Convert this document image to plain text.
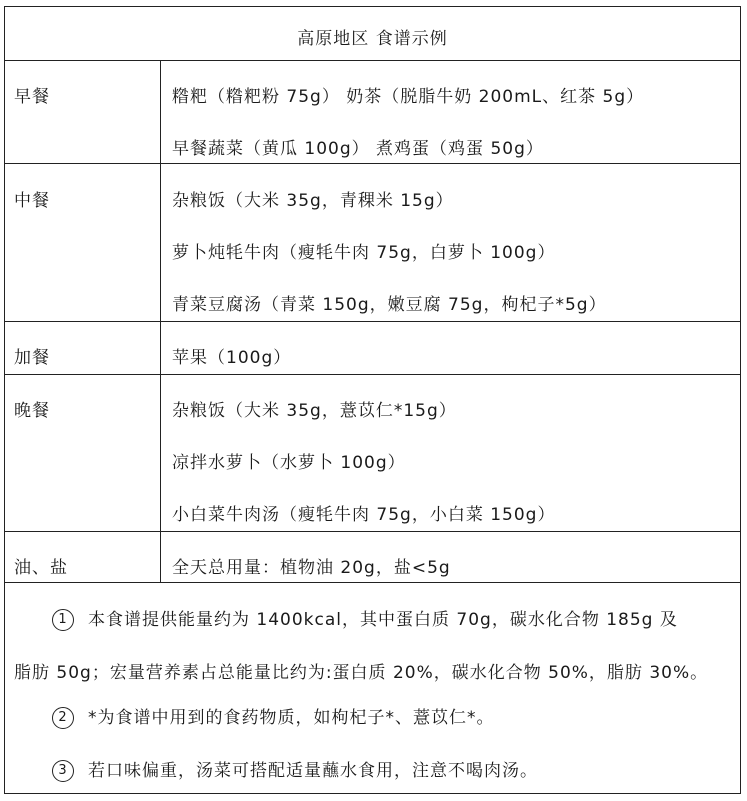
高原地区 食谱示例
早餐	糌粑（糌粑粉 75g） 奶茶（脱脂牛奶 200mL、红茶 5g）
早餐蔬菜（黄瓜 100g） 煮鸡蛋（鸡蛋 50g）
中餐	杂粮饭（大米 35g，青稞米 15g）
萝卜炖牦牛肉（瘦牦牛肉 75g，白萝卜 100g）
青菜豆腐汤（青菜 150g，嫩豆腐 75g，枸杞子*5g）
加餐	苹果（100g）
晚餐	杂粮饭（大米 35g，薏苡仁*15g）
凉拌水萝卜（水萝卜 100g）
小白菜牛肉汤（瘦牦牛肉 75g，小白菜 150g）
油、盐	全天总用量：植物油 20g，盐<5g
1 本食谱提供能量约为 1400kcal，其中蛋白质 70g，碳水化合物 185g 及
脂肪 50g；宏量营养素占总能量比约为:蛋白质 20%，碳水化合物 50%，脂肪 30%。
2 *为食谱中用到的食药物质，如枸杞子*、薏苡仁*。
3 若口味偏重，汤菜可搭配适量蘸水食用，注意不喝肉汤。
